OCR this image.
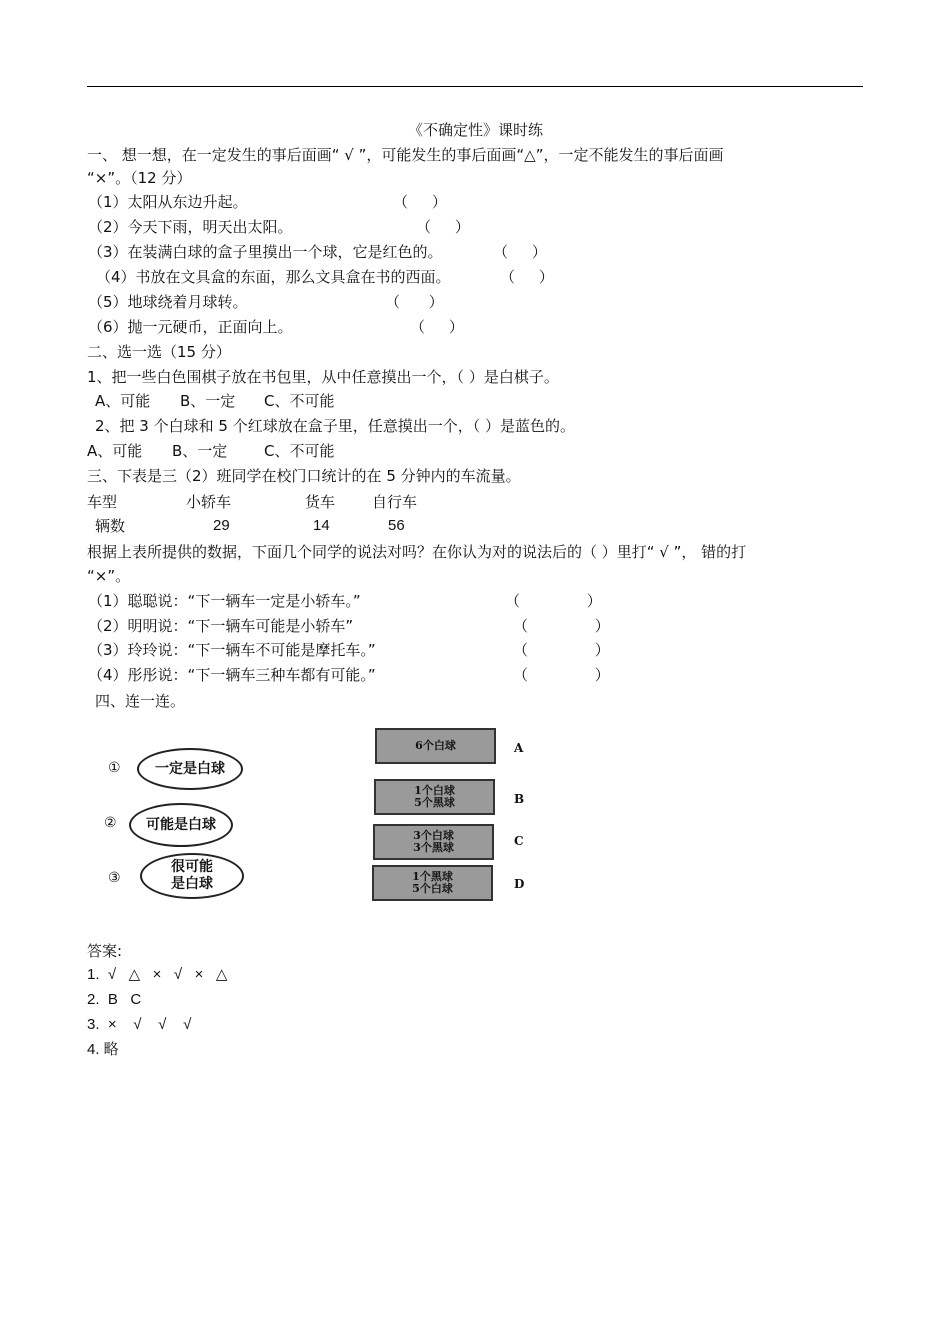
《不确定性》课时练
一、 想一想，在一定发生的事后面画“ √ ”，可能发生的事后面画“△”，一定不能发生的事后面画
“×”。（12 分）
（1）太阳从东边升起。	（     ）
（2）今天下雨，明天出太阳。	（     ）
（3）在装满白球的盒子里摸出一个球，它是红色的。	（     ）
（4）书放在文具盒的东面，那么文具盒在书的西面。	（     ）
（5）地球绕着月球转。	（      ）
（6）抛一元硬币，正面向上。	（     ）
二、选一选（15 分）
1、把一些白色围棋子放在书包里，从中任意摸出一个，（ ）是白棋子。
A、可能 B、一定 C、不可能
2、把 3 个白球和 5 个红球放在盒子里，任意摸出一个，（ ）是蓝色的。
A、可能 B、一定 C、不可能
三、下表是三（2）班同学在校门口统计的在 5 分钟内的车流量。
车型	小轿车	货车 自行车
辆数	29	14	56
根据上表所提供的数据，下面几个同学的说法对吗？在你认为对的说法后的（ ）里打“ √ ”， 错的打
“×”。
（1）聪聪说：“下一辆车一定是小轿车。”	（              ）
（2）明明说：“下一辆车可能是小轿车”	（              ）
（3）玲玲说：“下一辆车不可能是摩托车。”	（              ）
（4）彤彤说：“下一辆车三种车都有可能。”	（              ）
四、连一连。
① 一定是白球
② 可能是白球
③
很可能
是白球
6个白球	A
1个白球
5个黑球	B
3个白球
3个黑球	C
1个黑球
5个白球	D
答案:
1.  √   △   ×   √   ×   △
2.  B   C
3.  ×    √    √    √
4. 略
